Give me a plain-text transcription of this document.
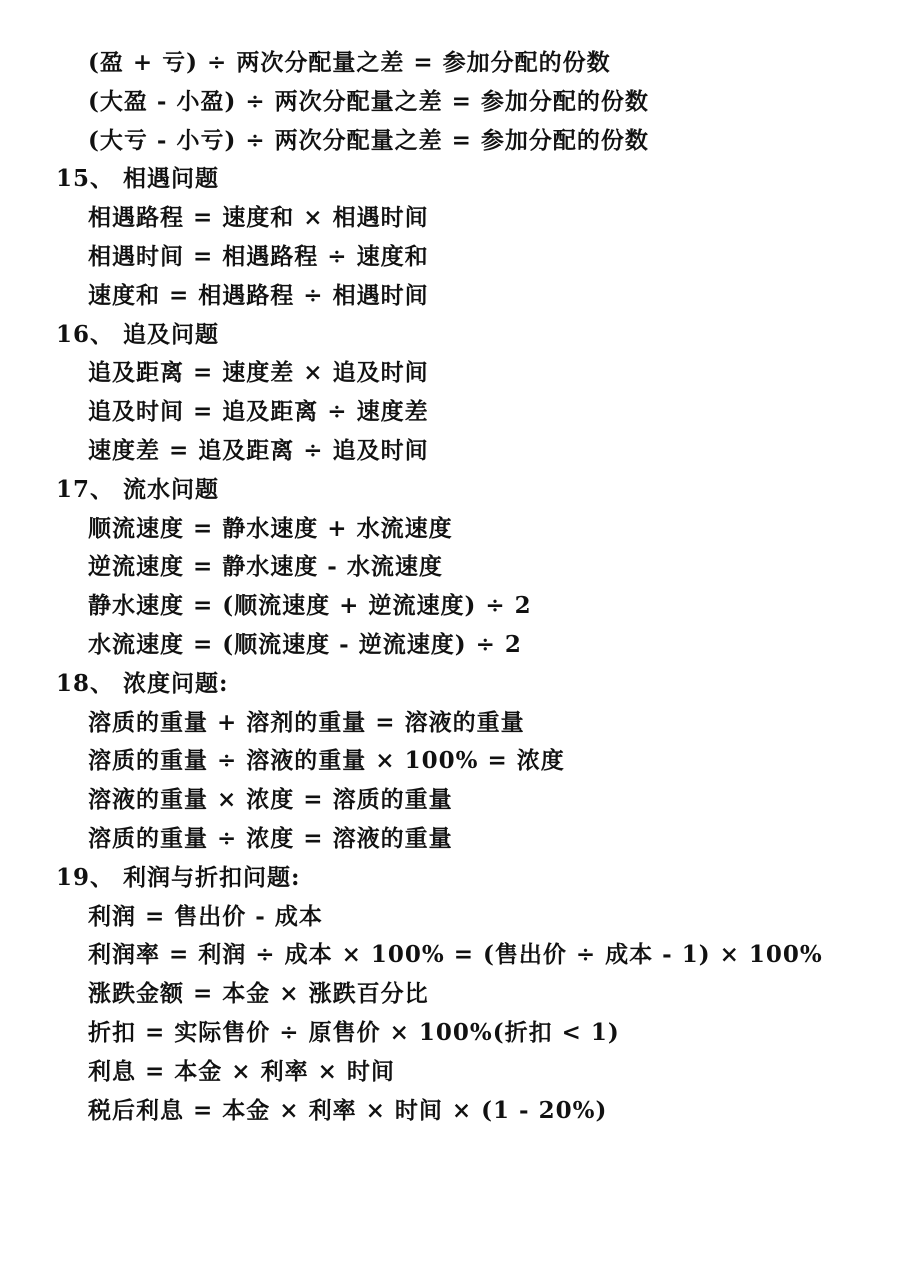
(盈 + 亏) ÷ 两次分配量之差 = 参加分配的份数
(大盈 - 小盈) ÷ 两次分配量之差 = 参加分配的份数
(大亏 - 小亏) ÷ 两次分配量之差 = 参加分配的份数
15、 相遇问题
相遇路程 = 速度和 × 相遇时间
相遇时间 = 相遇路程 ÷ 速度和
速度和 = 相遇路程 ÷ 相遇时间
16、 追及问题
追及距离 = 速度差 × 追及时间
追及时间 = 追及距离 ÷ 速度差
速度差 = 追及距离 ÷ 追及时间
17、 流水问题
顺流速度 = 静水速度 + 水流速度
逆流速度 = 静水速度 - 水流速度
静水速度 = (顺流速度 + 逆流速度) ÷ 2
水流速度 = (顺流速度 - 逆流速度) ÷ 2
18、 浓度问题:
溶质的重量 + 溶剂的重量 = 溶液的重量
溶质的重量 ÷ 溶液的重量 × 100% = 浓度
溶液的重量 × 浓度 = 溶质的重量
溶质的重量 ÷ 浓度 = 溶液的重量
19、 利润与折扣问题:
利润 = 售出价 - 成本
利润率 = 利润 ÷ 成本 × 100% = (售出价 ÷ 成本 - 1) × 100%
涨跌金额 = 本金 × 涨跌百分比
折扣 = 实际售价 ÷ 原售价 × 100%(折扣 < 1)
利息 = 本金 × 利率 × 时间
税后利息 = 本金 × 利率 × 时间 × (1 - 20%)
